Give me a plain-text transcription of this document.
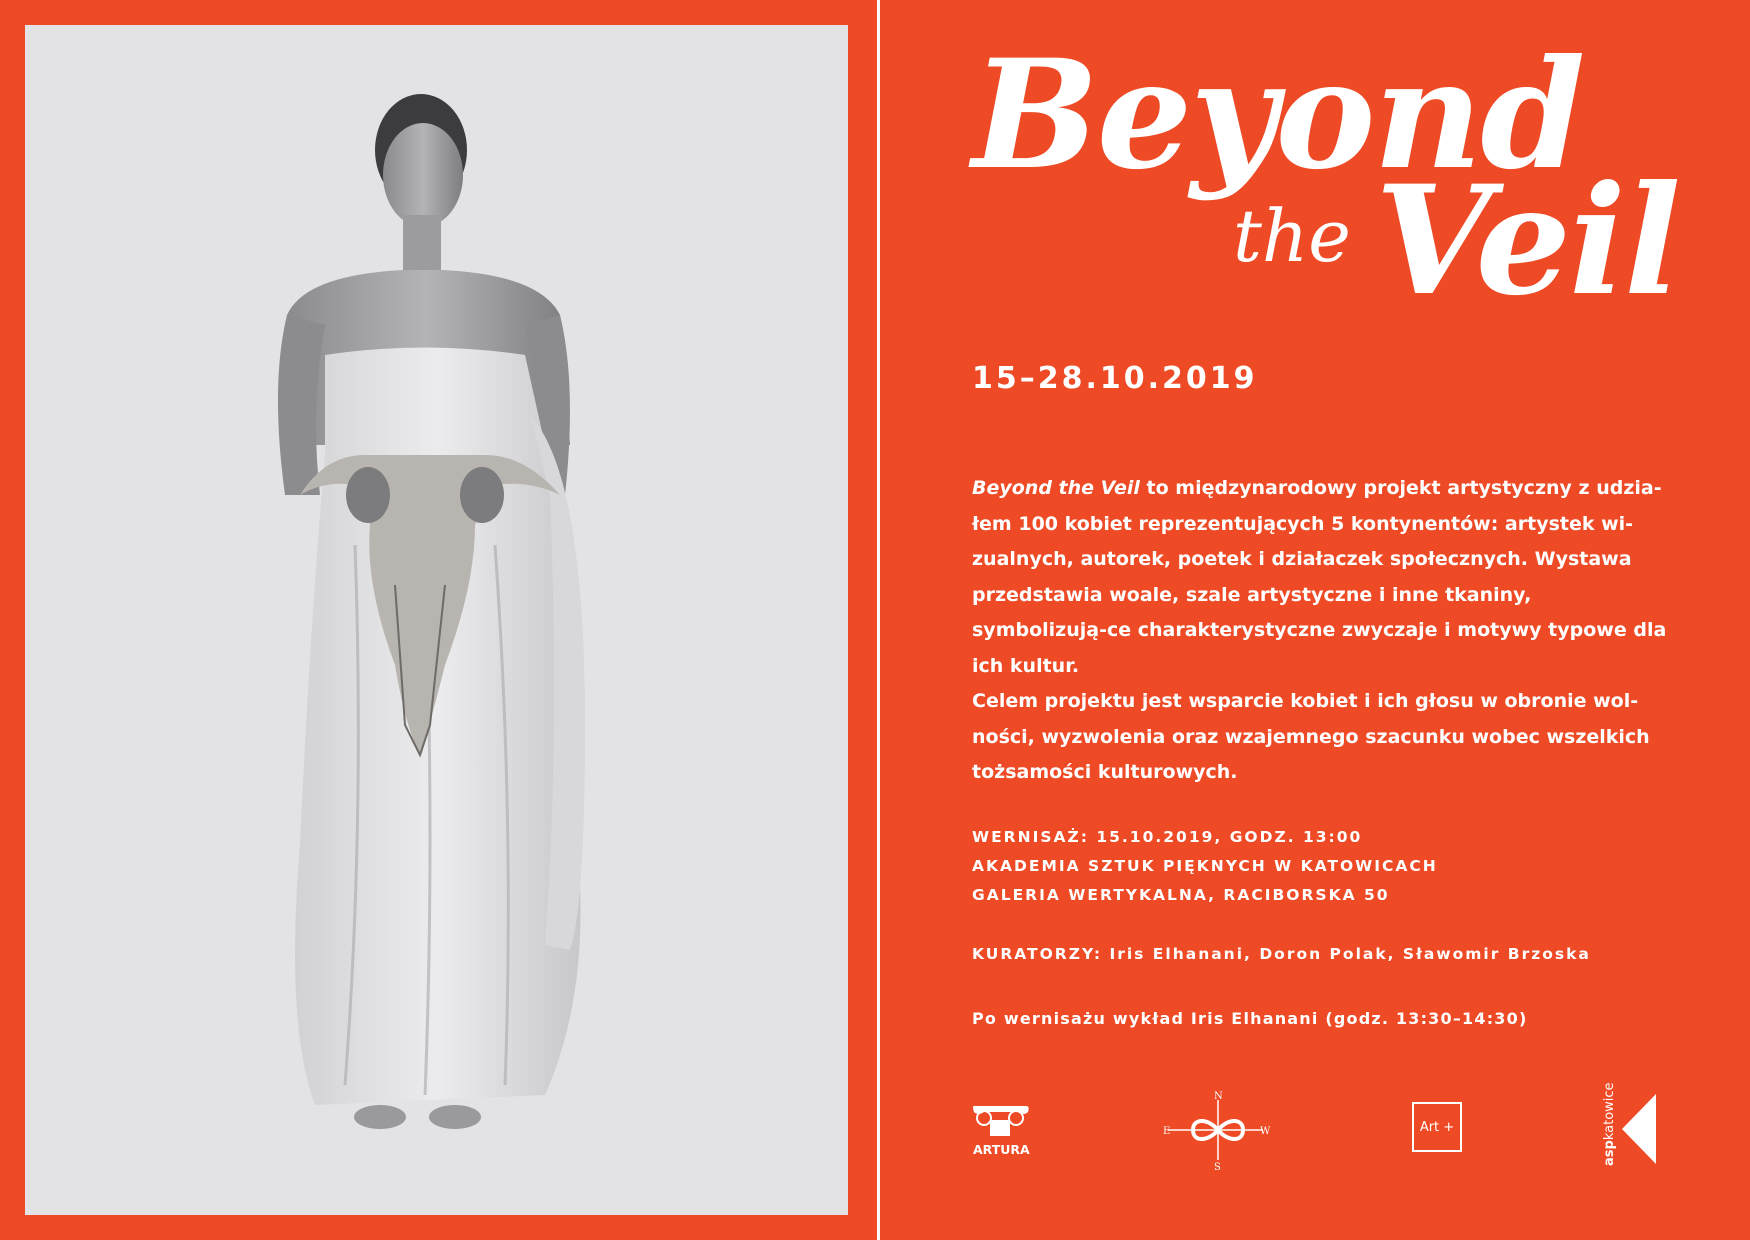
Beyond
the Veil
15–28.10.2019
Beyond the Veil to międzynarodowy projekt artystyczny z udzia-łem 100 kobiet reprezentujących 5 kontynentów: artystek wi-zualnych, autorek, poetek i działaczek społecznych. Wystawa przedstawia woale, szale artystyczne i inne tkaniny, symbolizują-ce charakterystyczne zwyczaje i motywy typowe dla ich kultur.
Celem projektu jest wsparcie kobiet i ich głosu w obronie wol-ności, wyzwolenia oraz wzajemnego szacunku wobec wszelkich tożsamości kulturowych.
WERNISAŻ: 15.10.2019, GODZ. 13:00
AKADEMIA SZTUK PIĘKNYCH W KATOWICACH
GALERIA WERTYKALNA, RACIBORSKA 50
KURATORZY: Iris Elhanani, Doron Polak, Sławomir Brzoska
Po wernisażu wykład Iris Elhanani (godz. 13:30–14:30)
ARTURA
N
S
E	W	Art +
aspkatowice
